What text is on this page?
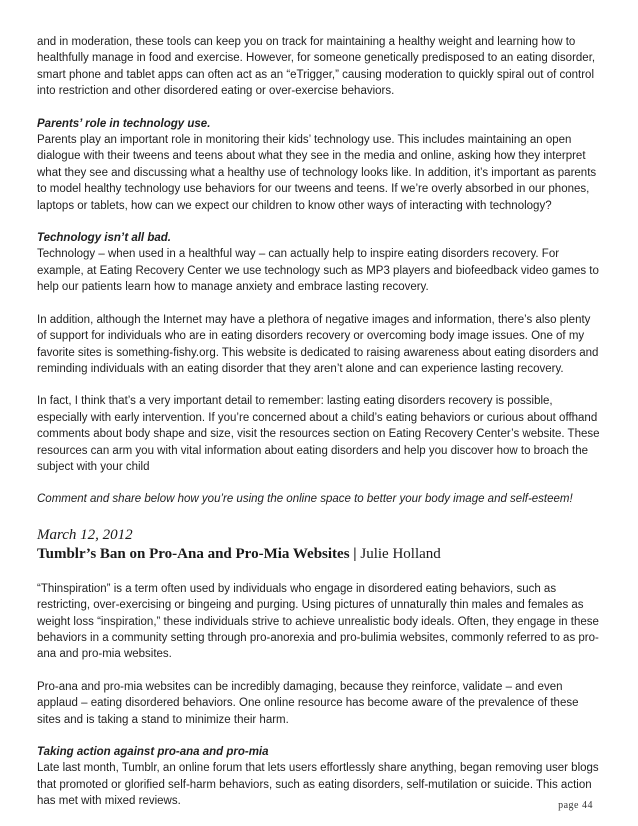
and in moderation, these tools can keep you on track for maintaining a healthy weight and learning how to healthfully manage in food and exercise. However, for someone genetically predisposed to an eating disorder, smart phone and tablet apps can often act as an “eTrigger,” causing moderation to quickly spiral out of control into restriction and other disordered eating or over-exercise behaviors.

Parents’ role in technology use.
Parents play an important role in monitoring their kids’ technology use. This includes maintaining an open dialogue with their tweens and teens about what they see in the media and online, asking how they interpret what they see and discussing what a healthy use of technology looks like. In addition, it’s important as parents to model healthy technology use behaviors for our tweens and teens. If we’re overly absorbed in our phones, laptops or tablets, how can we expect our children to know other ways of interacting with technology?

Technology isn’t all bad.
Technology – when used in a healthful way – can actually help to inspire eating disorders recovery. For example, at Eating Recovery Center we use technology such as MP3 players and biofeedback video games to help our patients learn how to manage anxiety and embrace lasting recovery.

In addition, although the Internet may have a plethora of negative images and information, there’s also plenty of support for individuals who are in eating disorders recovery or overcoming body image issues. One of my favorite sites is something-fishy.org. This website is dedicated to raising awareness about eating disorders and reminding individuals with an eating disorder that they aren’t alone and can experience lasting recovery.

In fact, I think that’s a very important detail to remember: lasting eating disorders recovery is possible, especially with early intervention. If you’re concerned about a child’s eating behaviors or curious about offhand comments about body shape and size, visit the resources section on Eating Recovery Center’s website. These resources can arm you with vital information about eating disorders and help you discover how to broach the subject with your child

Comment and share below how you’re using the online space to better your body image and self-esteem!

March 12, 2012
Tumblr’s Ban on Pro-Ana and Pro-Mia Websites | Julie Holland

“Thinspiration” is a term often used by individuals who engage in disordered eating behaviors, such as restricting, over-exercising or bingeing and purging. Using pictures of unnaturally thin males and females as weight loss “inspiration,” these individuals strive to achieve unrealistic body ideals. Often, they engage in these behaviors in a community setting through pro-anorexia and pro-bulimia websites, commonly referred to as pro-ana and pro-mia websites.

Pro-ana and pro-mia websites can be incredibly damaging, because they reinforce, validate – and even applaud – eating disordered behaviors. One online resource has become aware of the prevalence of these sites and is taking a stand to minimize their harm.

Taking action against pro-ana and pro-mia
Late last month, Tumblr, an online forum that lets users effortlessly share anything, began removing user blogs that promoted or glorified self-harm behaviors, such as eating disorders, self-mutilation or suicide. This action has met with mixed reviews.	page 44
